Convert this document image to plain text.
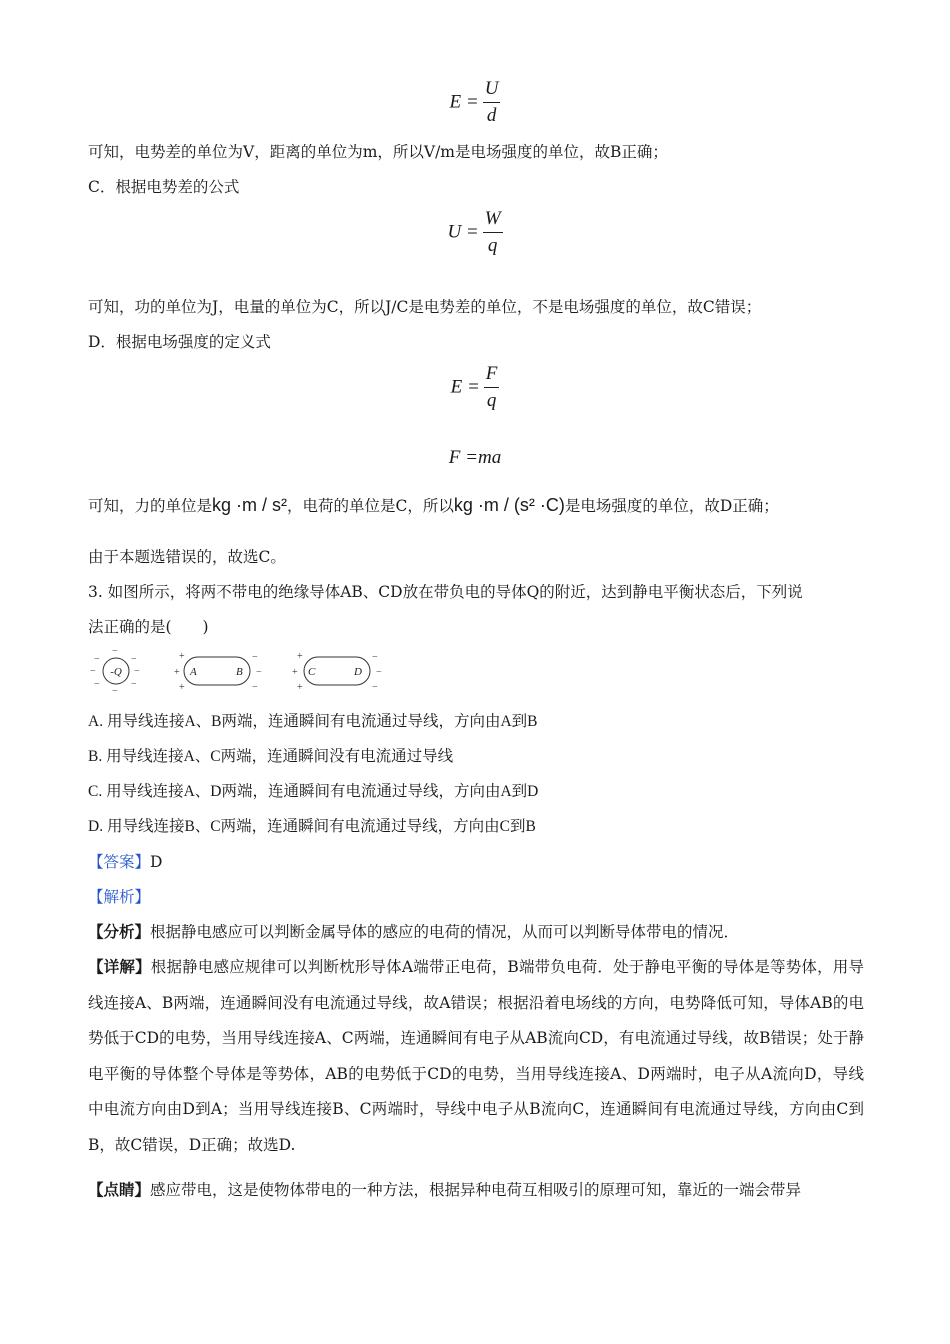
$E = \frac{U}{d}$
可知，电势差的单位为V，距离的单位为m，所以V/m是电场强度的单位，故B正确；
C．根据电势差的公式
$U = \frac{W}{q}$
可知，功的单位为J，电量的单位为C，所以J/C是电势差的单位，不是电场强度的单位，故C错误；
D．根据电场强度的定义式
$E = \frac{F}{q}$
F =ma
可知，力的单位是kg ·m / s²，电荷的单位是C，所以kg ·m / (s² ·C)是电场强度的单位，故D正确；
由于本题选错误的，故选C。
3. 如图所示，将两不带电的绝缘导体AB、CD放在带负电的导体Q的附近，达到静电平衡状态后，下列说
法正确的是(　　)
-Q
−
−
−
−
−
−
−
−
A	B
+
+
+
−
−
−
C	D
+
+
+
−
−
−
A. 用导线连接A、B两端，连通瞬间有电流通过导线，方向由A到B
B. 用导线连接A、C两端，连通瞬间没有电流通过导线
C. 用导线连接A、D两端，连通瞬间有电流通过导线，方向由A到D
D. 用导线连接B、C两端，连通瞬间有电流通过导线，方向由C到B
【答案】D
【解析】
【分析】根据静电感应可以判断金属导体的感应的电荷的情况，从而可以判断导体带电的情况．
【详解】根据静电感应规律可以判断枕形导体A端带正电荷，B端带负电荷．处于静电平衡的导体是等势体，用导线连接A、B两端，连通瞬间没有电流通过导线，故A错误；根据沿着电场线的方向，电势降低可知，导体AB的电势低于CD的电势，当用导线连接A、C两端，连通瞬间有电子从AB流向CD，有电流通过导线，故B错误；处于静电平衡的导体整个导体是等势体，AB的电势低于CD的电势，当用导线连接A、D两端时，电子从A流向D，导线中电流方向由D到A；当用导线连接B、C两端时，导线中电子从B流向C，连通瞬间有电流通过导线，方向由C到B，故C错误，D正确；故选D.
【点睛】感应带电，这是使物体带电的一种方法，根据异种电荷互相吸引的原理可知，靠近的一端会带异
